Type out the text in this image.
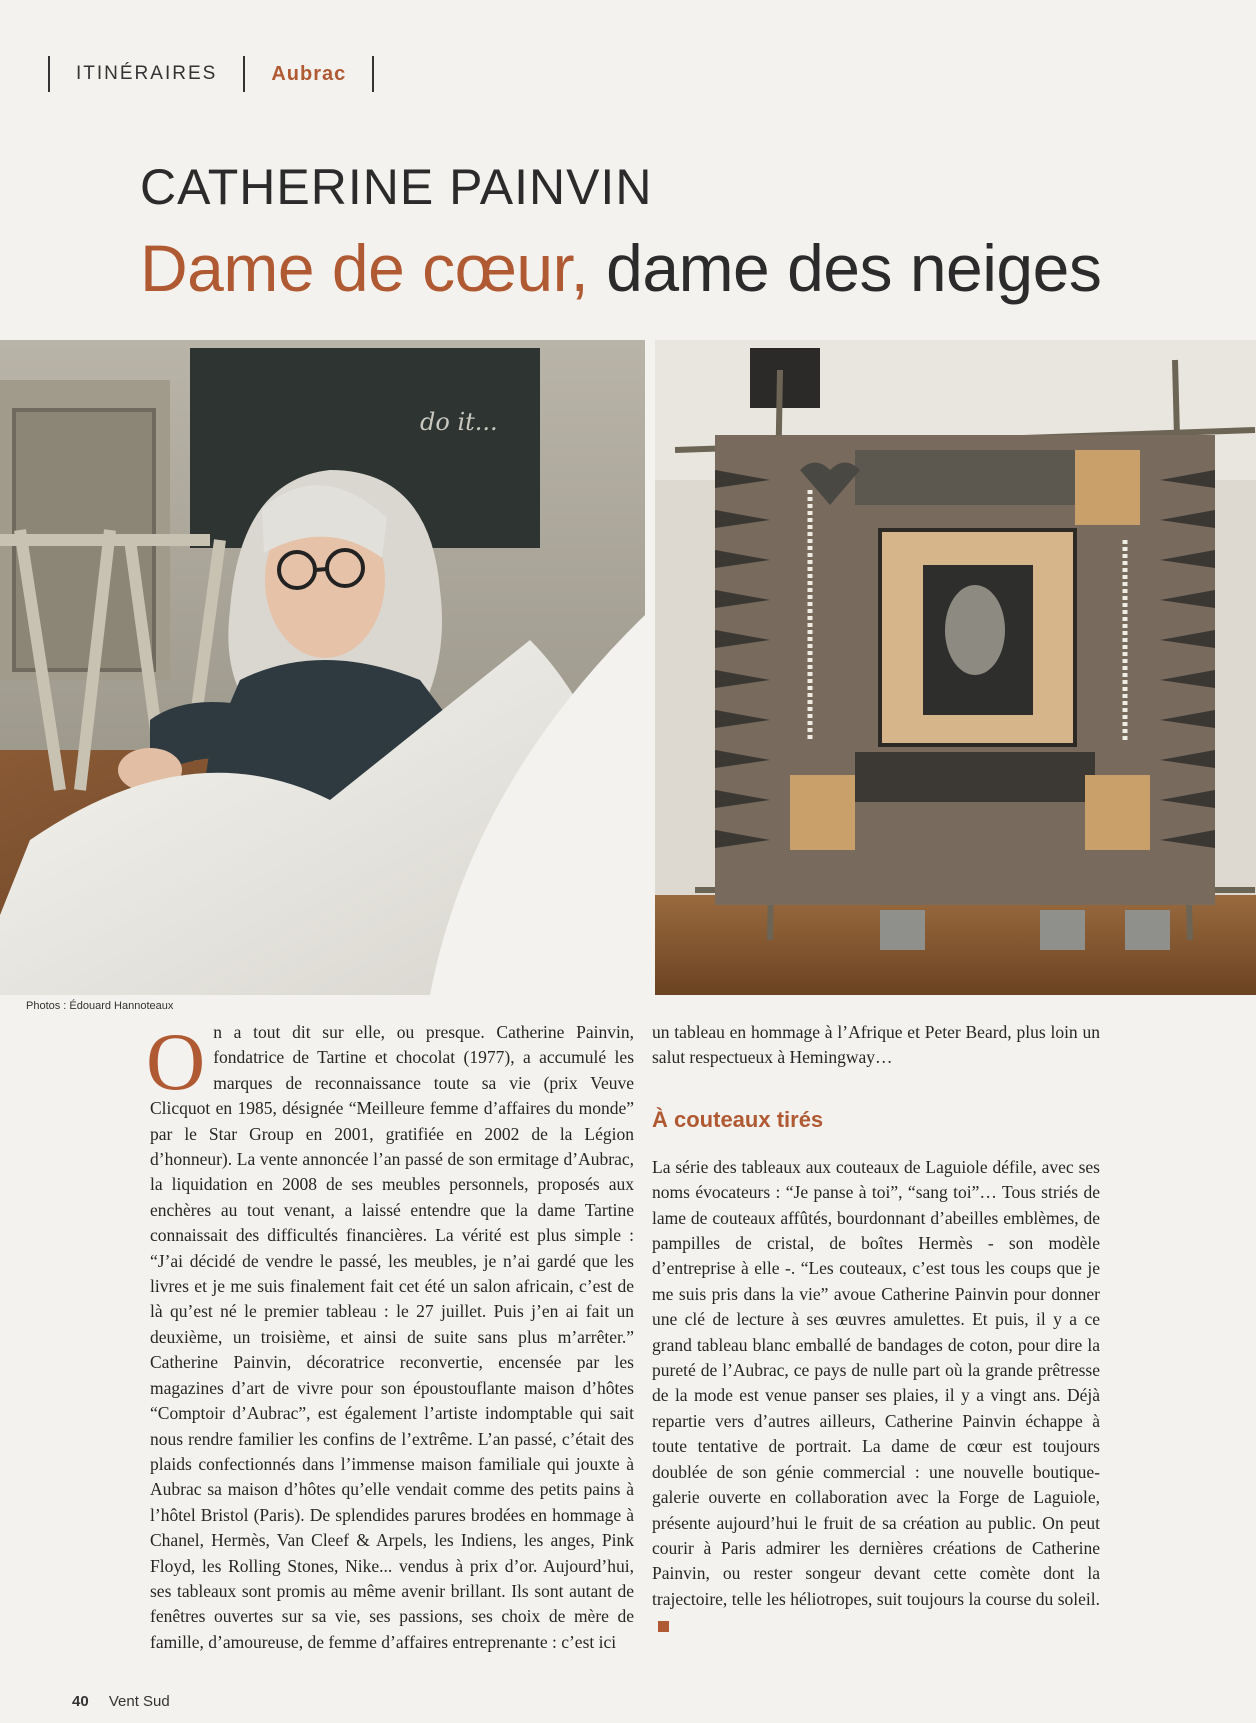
ITINÉRAIRES	Aubrac
CATHERINE PAINVIN
Dame de cœur, dame des neiges
do it...
Photos : Édouard Hannoteaux

On a tout dit sur elle, ou presque. Catherine Painvin, fondatrice de Tartine et chocolat (1977), a accumulé les marques de reconnaissance toute sa vie (prix Veuve Clicquot en 1985, désignée “Meilleure femme d’affaires du monde” par le Star Group en 2001, gratifiée en 2002 de la Légion d’honneur). La vente annoncée l’an passé de son ermitage d’Aubrac, la liquidation en 2008 de ses meubles personnels, proposés aux enchères au tout venant, a laissé entendre que la dame Tartine connaissait des difficultés financières. La vérité est plus simple : “J’ai décidé de vendre le passé, les meubles, je n’ai gardé que les livres et je me suis finalement fait cet été un salon africain, c’est de là qu’est né le premier tableau : le 27 juillet. Puis j’en ai fait un deuxième, un troisième, et ainsi de suite sans plus m’arrêter.” Catherine Painvin, décoratrice reconvertie, encensée par les magazines d’art de vivre pour son époustouflante maison d’hôtes “Comptoir d’Aubrac”, est également l’artiste indomptable qui sait nous rendre familier les confins de l’extrême. L’an passé, c’était des plaids confectionnés dans l’immense maison familiale qui jouxte à Aubrac sa maison d’hôtes qu’elle vendait comme des petits pains à l’hôtel Bristol (Paris). De splendides parures brodées en hommage à Chanel, Hermès, Van Cleef & Arpels, les Indiens, les anges, Pink Floyd, les Rolling Stones, Nike... vendus à prix d’or. Aujourd’hui, ses tableaux sont promis au même avenir brillant. Ils sont autant de fenêtres ouvertes sur sa vie, ses passions, ses choix de mère de famille, d’amoureuse, de femme d’affaires entreprenante : c’est ici

un tableau en hommage à l’Afrique et Peter Beard, plus loin un salut respectueux à Hemingway…

À couteaux tirés

La série des tableaux aux couteaux de Laguiole défile, avec ses noms évocateurs : “Je panse à toi”, “sang toi”… Tous striés de lame de couteaux affûtés, bourdonnant d’abeilles emblèmes, de pampilles de cristal, de boîtes Hermès - son modèle d’entreprise à elle -. “Les couteaux, c’est tous les coups que je me suis pris dans la vie” avoue Catherine Painvin pour donner une clé de lecture à ses œuvres amulettes. Et puis, il y a ce grand tableau blanc emballé de bandages de coton, pour dire la pureté de l’Aubrac, ce pays de nulle part où la grande prêtresse de la mode est venue panser ses plaies, il y a vingt ans. Déjà repartie vers d’autres ailleurs, Catherine Painvin échappe à toute tentative de portrait. La dame de cœur est toujours doublée de son génie commercial : une nouvelle boutique-galerie ouverte en collaboration avec la Forge de Laguiole, présente aujourd’hui le fruit de sa création au public. On peut courir à Paris admirer les dernières créations de Catherine Painvin, ou rester songeur devant cette comète dont la trajectoire, telle les héliotropes, suit toujours la course du soleil.

40 Vent Sud
